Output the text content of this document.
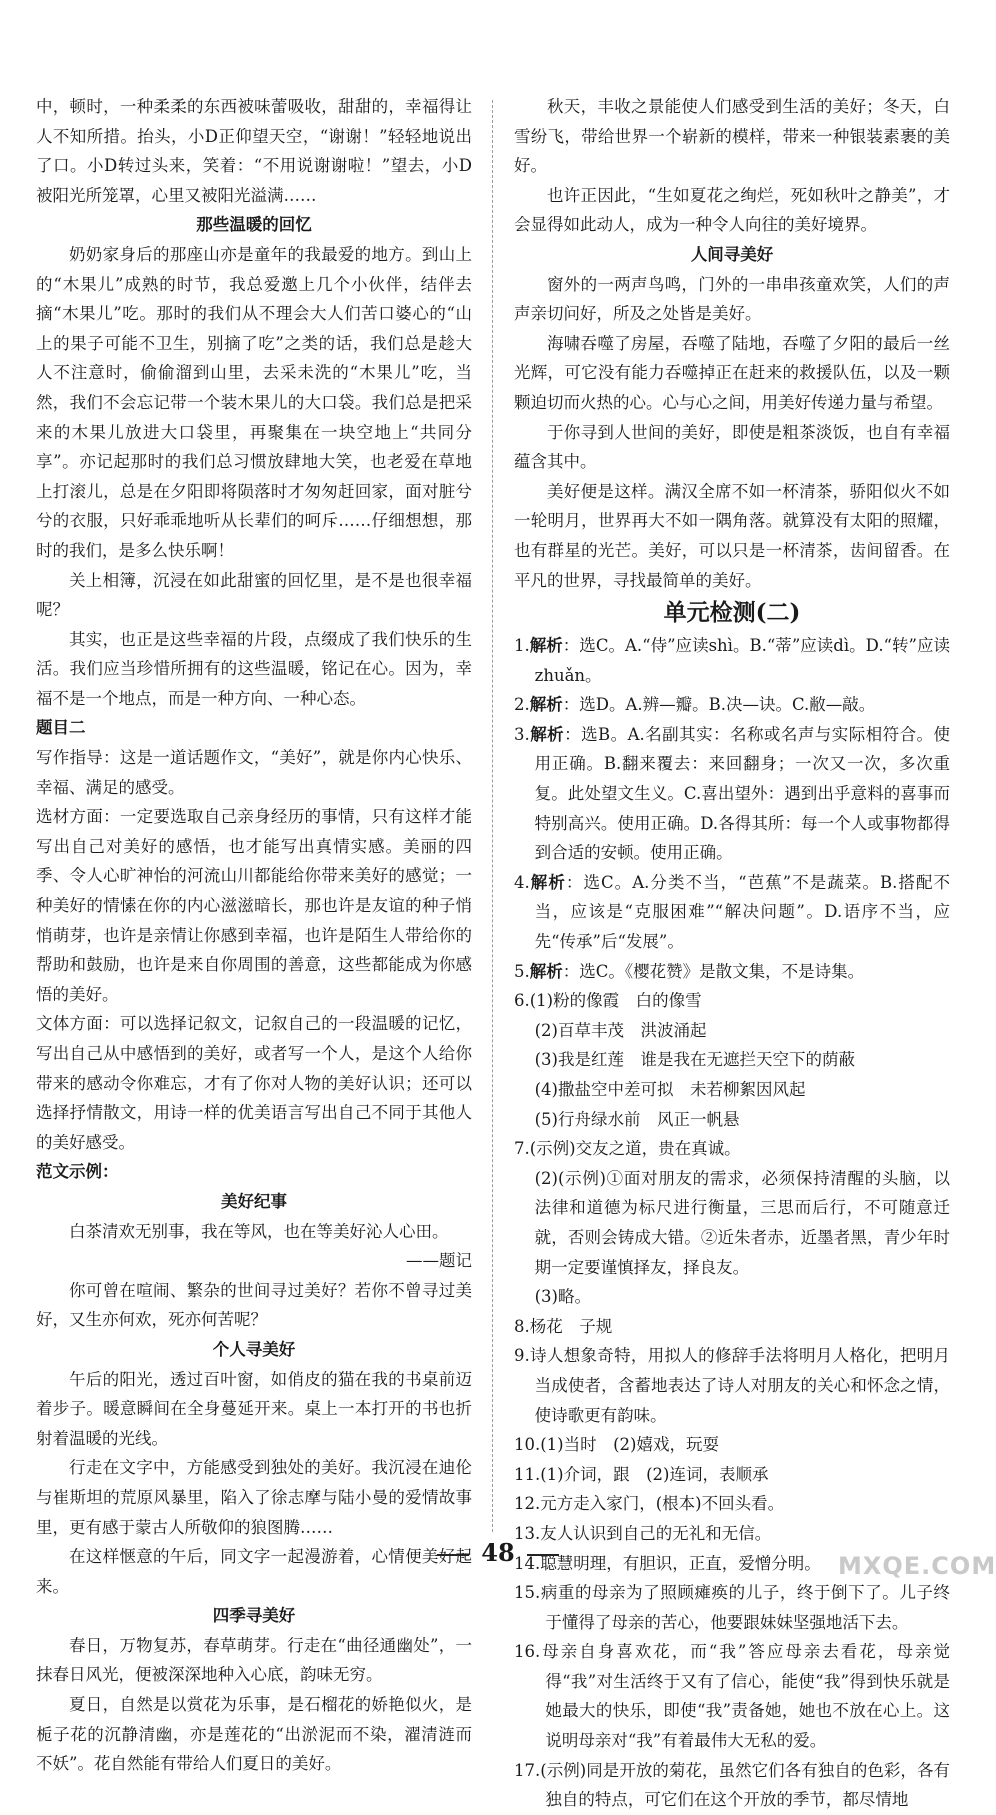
中，顿时，一种柔柔的东西被味蕾吸收，甜甜的，幸福得让人不知所措。抬头，小D正仰望天空，“谢谢！”轻轻地说出了口。小D转过头来，笑着：“不用说谢谢啦！”望去，小D被阳光所笼罩，心里又被阳光溢满……

那些温暖的回忆

奶奶家身后的那座山亦是童年的我最爱的地方。到山上的“木果儿”成熟的时节，我总爱邀上几个小伙伴，结伴去摘“木果儿”吃。那时的我们从不理会大人们苦口婆心的“山上的果子可能不卫生，别摘了吃”之类的话，我们总是趁大人不注意时，偷偷溜到山里，去采未洗的“木果儿”吃，当然，我们不会忘记带一个装木果儿的大口袋。我们总是把采来的木果儿放进大口袋里，再聚集在一块空地上“共同分享”。亦记起那时的我们总习惯放肆地大笑，也老爱在草地上打滚儿，总是在夕阳即将陨落时才匆匆赶回家，面对脏兮兮的衣服，只好乖乖地听从长辈们的呵斥……仔细想想，那时的我们，是多么快乐啊！

关上相簿，沉浸在如此甜蜜的回忆里，是不是也很幸福呢？

其实，也正是这些幸福的片段，点缀成了我们快乐的生活。我们应当珍惜所拥有的这些温暖，铭记在心。因为，幸福不是一个地点，而是一种方向、一种心态。

题目二

写作指导：这是一道话题作文，“美好”，就是你内心快乐、幸福、满足的感受。

选材方面：一定要选取自己亲身经历的事情，只有这样才能写出自己对美好的感悟，也才能写出真情实感。美丽的四季、令人心旷神怡的河流山川都能给你带来美好的感觉；一种美好的情愫在你的内心滋滋暗长，那也许是友谊的种子悄悄萌芽，也许是亲情让你感到幸福，也许是陌生人带给你的帮助和鼓励，也许是来自你周围的善意，这些都能成为你感悟的美好。

文体方面：可以选择记叙文，记叙自己的一段温暖的记忆，写出自己从中感悟到的美好，或者写一个人，是这个人给你带来的感动令你难忘，才有了你对人物的美好认识；还可以选择抒情散文，用诗一样的优美语言写出自己不同于其他人的美好感受。

范文示例：

美好纪事

白茶清欢无别事，我在等风，也在等美好沁人心田。

——题记

你可曾在喧闹、繁杂的世间寻过美好？若你不曾寻过美好，又生亦何欢，死亦何苦呢？

个人寻美好

午后的阳光，透过百叶窗，如俏皮的猫在我的书桌前迈着步子。暖意瞬间在全身蔓延开来。桌上一本打开的书也折射着温暖的光线。

行走在文字中，方能感受到独处的美好。我沉浸在迪伦与崔斯坦的荒原风暴里，陷入了徐志摩与陆小曼的爱情故事里，更有感于蒙古人所敬仰的狼图腾……

在这样惬意的午后，同文字一起漫游着，心情便美好起来。

四季寻美好

春日，万物复苏，春草萌芽。行走在“曲径通幽处”，一抹春日风光，便被深深地种入心底，韵味无穷。

夏日，自然是以赏花为乐事，是石榴花的娇艳似火，是栀子花的沉静清幽，亦是莲花的“出淤泥而不染，濯清涟而不妖”。花自然能有带给人们夏日的美好。

秋天，丰收之景能使人们感受到生活的美好；冬天，白雪纷飞，带给世界一个崭新的模样，带来一种银装素裹的美好。

也许正因此，“生如夏花之绚烂，死如秋叶之静美”，才会显得如此动人，成为一种令人向往的美好境界。

人间寻美好

窗外的一两声鸟鸣，门外的一串串孩童欢笑，人们的声声亲切问好，所及之处皆是美好。

海啸吞噬了房屋，吞噬了陆地，吞噬了夕阳的最后一丝光辉，可它没有能力吞噬掉正在赶来的救援队伍，以及一颗颗迫切而火热的心。心与心之间，用美好传递力量与希望。

于你寻到人世间的美好，即使是粗茶淡饭，也自有幸福蕴含其中。

美好便是这样。满汉全席不如一杯清茶，骄阳似火不如一轮明月，世界再大不如一隅角落。就算没有太阳的照耀，也有群星的光芒。美好，可以只是一杯清茶，齿间留香。在平凡的世界，寻找最简单的美好。

单元检测(二)

1.解析：选C。A.“侍”应读shì。B.“蒂”应读dì。D.“转”应读zhuǎn。

2.解析：选D。A.辨—瓣。B.决—诀。C.敝—敲。

3.解析：选B。A.名副其实：名称或名声与实际相符合。使用正确。B.翻来覆去：来回翻身；一次又一次，多次重复。此处望文生义。C.喜出望外：遇到出乎意料的喜事而特别高兴。使用正确。D.各得其所：每一个人或事物都得到合适的安顿。使用正确。

4.解析：选C。A.分类不当，“芭蕉”不是蔬菜。B.搭配不当，应该是“克服困难”“解决问题”。D.语序不当，应先“传承”后“发展”。

5.解析：选C。《樱花赞》是散文集，不是诗集。

6.(1)粉的像霞　白的像雪

(2)百草丰茂　洪波涌起

(3)我是红莲　谁是我在无遮拦天空下的荫蔽

(4)撒盐空中差可拟　未若柳絮因风起

(5)行舟绿水前　风正一帆悬

7.(示例)交友之道，贵在真诚。

(2)(示例)①面对朋友的需求，必须保持清醒的头脑，以法律和道德为标尺进行衡量，三思而后行，不可随意迁就，否则会铸成大错。②近朱者赤，近墨者黑，青少年时期一定要谨慎择友，择良友。

(3)略。

8.杨花　子规

9.诗人想象奇特，用拟人的修辞手法将明月人格化，把明月当成使者，含蓄地表达了诗人对朋友的关心和怀念之情，使诗歌更有韵味。

10.(1)当时　(2)嬉戏，玩耍

11.(1)介词，跟　(2)连词，表顺承

12.元方走入家门，(根本)不回头看。

13.友人认识到自己的无礼和无信。

14.聪慧明理，有胆识，正直，爱憎分明。

15.病重的母亲为了照顾瘫痪的儿子，终于倒下了。儿子终于懂得了母亲的苦心，他要跟妹妹坚强地活下去。

16.母亲自身喜欢花，而“我”答应母亲去看花，母亲觉得“我”对生活终于又有了信心，能使“我”得到快乐就是她最大的快乐，即使“我”责备她，她也不放在心上。这说明母亲对“我”有着最伟大无私的爱。

17.(示例)同是开放的菊花，虽然它们各有独自的色彩，各有独自的特点，可它们在这个开放的季节，都尽情地

48	MXQE.COM
